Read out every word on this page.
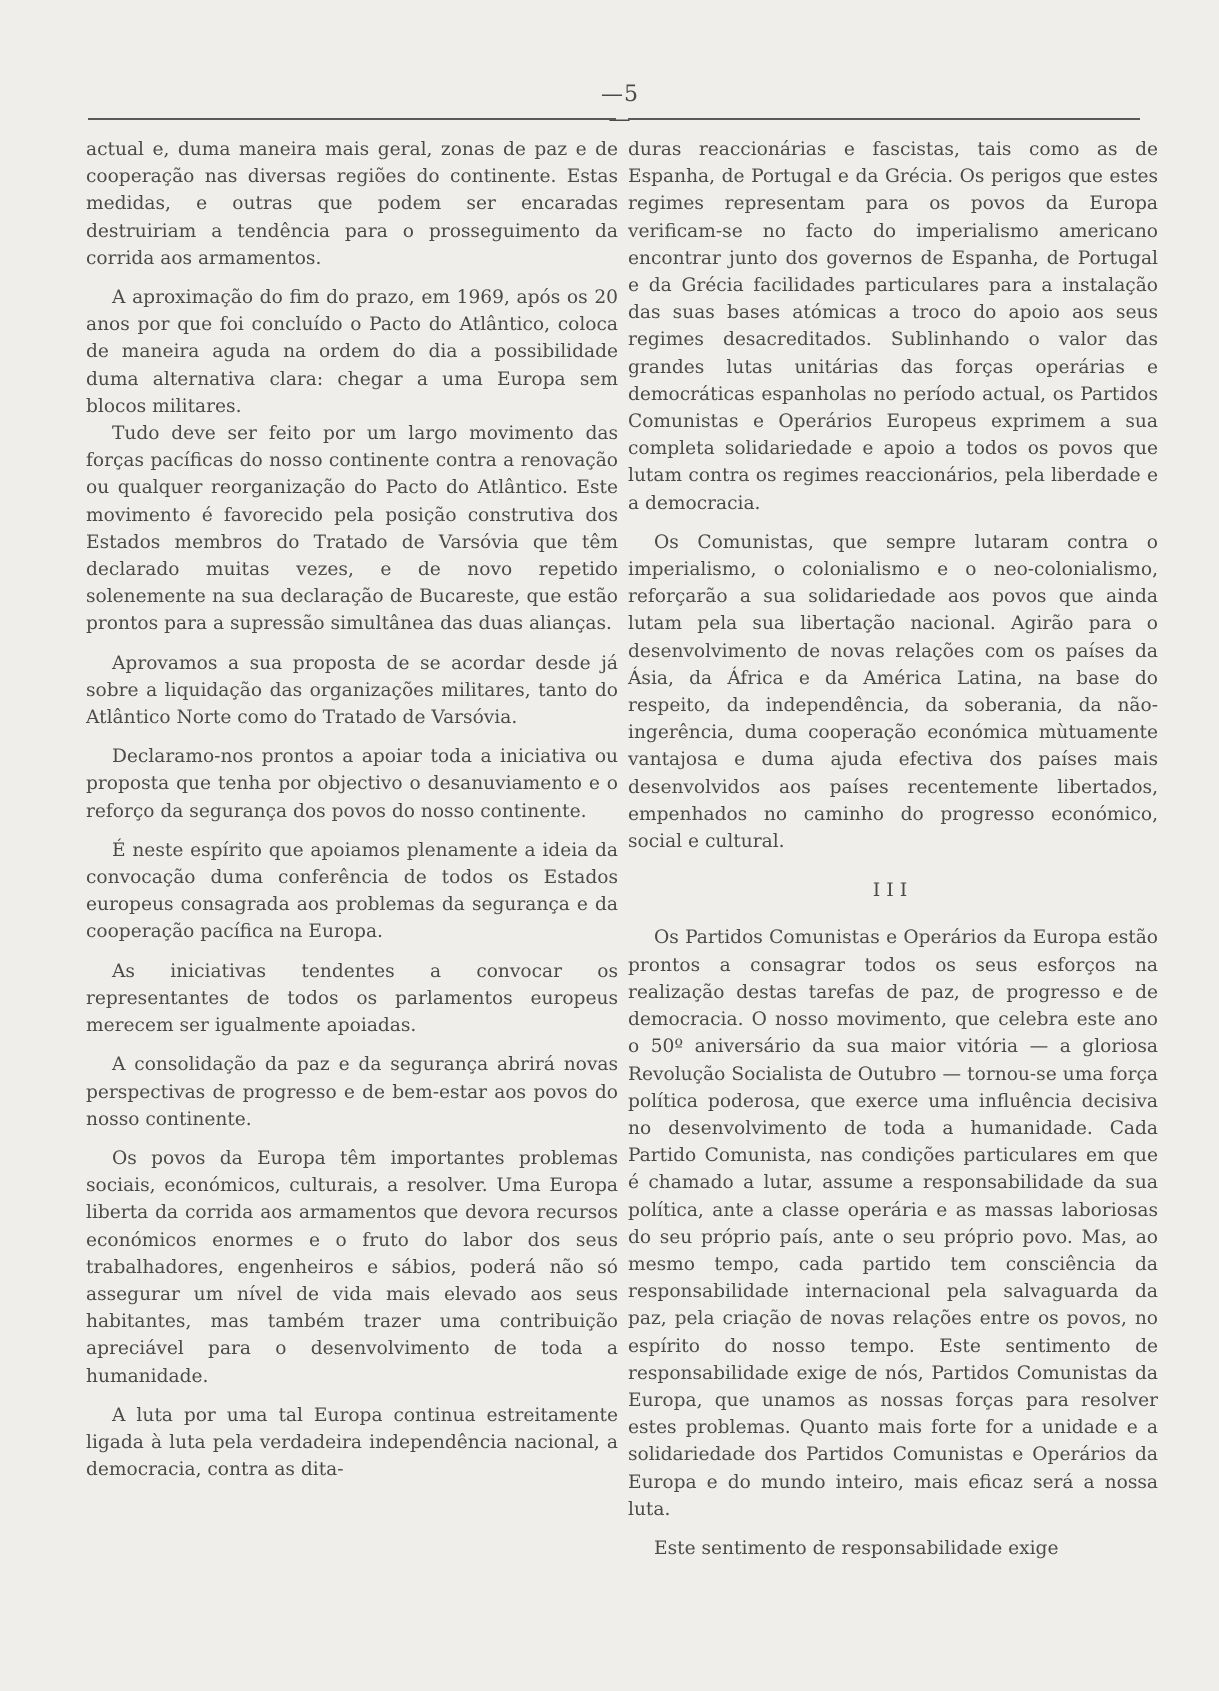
—5—

actual e, duma maneira mais geral, zonas de paz e de cooperação nas diversas regiões do continente. Estas medidas, e outras que podem ser encaradas destruiriam a tendência para o prosseguimento da corrida aos armamentos.

A aproximação do fim do prazo, em 1969, após os 20 anos por que foi concluído o Pacto do Atlântico, coloca de maneira aguda na ordem do dia a possibilidade duma alternativa clara: chegar a uma Europa sem blocos militares.

Tudo deve ser feito por um largo movimento das forças pacíficas do nosso continente contra a renovação ou qualquer reorganização do Pacto do Atlântico. Este movimento é favorecido pela posição construtiva dos Estados membros do Tratado de Varsóvia que têm declarado muitas vezes, e de novo repetido solenemente na sua declaração de Bucareste, que estão prontos para a supressão simultânea das duas alianças.

Aprovamos a sua proposta de se acordar desde já sobre a liquidação das organizações militares, tanto do Atlântico Norte como do Tratado de Varsóvia.

Declaramo-nos prontos a apoiar toda a iniciativa ou proposta que tenha por objectivo o desanuviamento e o reforço da segurança dos povos do nosso continente.

É neste espírito que apoiamos plenamente a ideia da convocação duma conferência de todos os Estados europeus consagrada aos problemas da segurança e da cooperação pacífica na Europa.

As iniciativas tendentes a convocar os representantes de todos os parlamentos europeus merecem ser igualmente apoiadas.

A consolidação da paz e da segurança abrirá novas perspectivas de progresso e de bem-estar aos povos do nosso continente.

Os povos da Europa têm importantes problemas sociais, económicos, culturais, a resolver. Uma Europa liberta da corrida aos armamentos que devora recursos económicos enormes e o fruto do labor dos seus trabalhadores, engenheiros e sábios, poderá não só assegurar um nível de vida mais elevado aos seus habitantes, mas também trazer uma contribuição apreciável para o desenvolvimento de toda a humanidade.

A luta por uma tal Europa continua estreitamente ligada à luta pela verdadeira independência nacional, a democracia, contra as dita-

duras reaccionárias e fascistas, tais como as de Espanha, de Portugal e da Grécia. Os perigos que estes regimes representam para os povos da Europa verificam-se no facto do imperialismo americano encontrar junto dos governos de Espanha, de Portugal e da Grécia facilidades particulares para a instalação das suas bases atómicas a troco do apoio aos seus regimes desacreditados. Sublinhando o valor das grandes lutas unitárias das forças operárias e democráticas espanholas no período actual, os Partidos Comunistas e Operários Europeus exprimem a sua completa solidariedade e apoio a todos os povos que lutam contra os regimes reaccionários, pela liberdade e a democracia.

Os Comunistas, que sempre lutaram contra o imperialismo, o colonialismo e o neo-colonialismo, reforçarão a sua solidariedade aos povos que ainda lutam pela sua libertação nacional. Agirão para o desenvolvimento de novas relações com os países da Ásia, da África e da América Latina, na base do respeito, da independência, da soberania, da não-ingerência, duma cooperação económica mùtuamente vantajosa e duma ajuda efectiva dos países mais desenvolvidos aos países recentemente libertados, empenhados no caminho do progresso económico, social e cultural.

III

Os Partidos Comunistas e Operários da Europa estão prontos a consagrar todos os seus esforços na realização destas tarefas de paz, de progresso e de democracia. O nosso movimento, que celebra este ano o 50º aniversário da sua maior vitória — a gloriosa Revolução Socialista de Outubro — tornou-se uma força política poderosa, que exerce uma influência decisiva no desenvolvimento de toda a humanidade. Cada Partido Comunista, nas condições particulares em que é chamado a lutar, assume a responsabilidade da sua política, ante a classe operária e as massas laboriosas do seu próprio país, ante o seu próprio povo. Mas, ao mesmo tempo, cada partido tem consciência da responsabilidade internacional pela salvaguarda da paz, pela criação de novas relações entre os povos, no espírito do nosso tempo. Este sentimento de responsabilidade exige de nós, Partidos Comunistas da Europa, que unamos as nossas forças para resolver estes problemas. Quanto mais forte for a unidade e a solidariedade dos Partidos Comunistas e Operários da Europa e do mundo inteiro, mais eficaz será a nossa luta.

Este sentimento de responsabilidade exige
